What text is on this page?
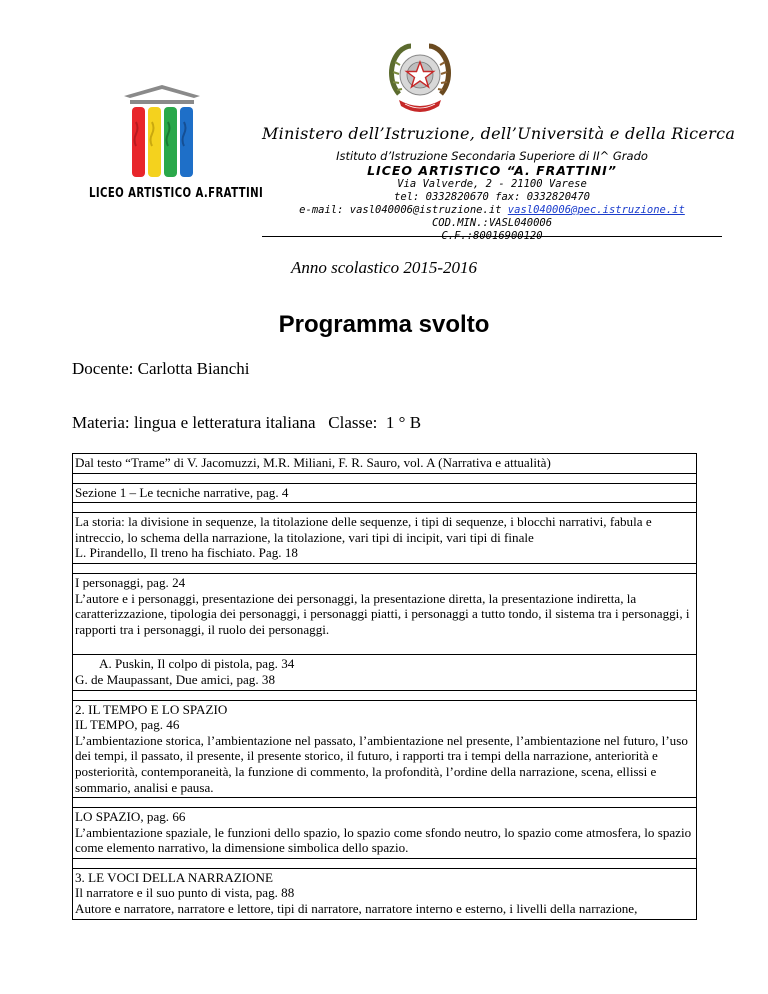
LICEO ARTISTICO A.FRATTINI
Ministero dell’Istruzione, dell’Università e della Ricerca
Istituto d’Istruzione Secondaria Superiore di II^ Grado
LICEO ARTISTICO “A. FRATTINI”
Via Valverde, 2 - 21100 Varese
tel: 0332820670 fax: 0332820470
e-mail: vasl040006@istruzione.it vasl040006@pec.istruzione.it
COD.MIN.:VASL040006
C.F.:80016900120
Anno scolastico 2015-2016
Programma svolto
Docente: Carlotta Bianchi
Materia: lingua e letteratura italiana   Classe:  1 ° B

Dal testo “Trame” di V. Jacomuzzi, M.R. Miliani, F. R. Sauro, vol. A (Narrativa e attualità)

Sezione 1 – Le tecniche narrative, pag. 4

La storia: la divisione in sequenze, la titolazione delle sequenze, i tipi di sequenze, i blocchi narrativi, fabula e intreccio, lo schema della narrazione, la titolazione, vari tipi di incipit, vari tipi di finale

L. Pirandello, Il treno ha fischiato. Pag. 18

I personaggi, pag. 24

L’autore e i personaggi, presentazione dei personaggi, la presentazione diretta, la presentazione indiretta, la caratterizzazione, tipologia dei personaggi, i personaggi piatti, i personaggi a tutto tondo, il sistema tra i personaggi, i rapporti tra i personaggi, il ruolo dei personaggi.

A. Puskin, Il colpo di pistola, pag. 34

G. de Maupassant, Due amici, pag. 38

2. IL TEMPO E LO SPAZIO

IL TEMPO, pag. 46

L’ambientazione storica, l’ambientazione nel passato, l’ambientazione nel presente, l’ambientazione nel futuro, l’uso dei tempi, il passato, il presente, il presente storico, il futuro, i rapporti tra i tempi della narrazione, anteriorità e posteriorità, contemporaneità, la funzione di commento, la profondità, l’ordine della narrazione, scena, ellissi e sommario, analisi e pausa.

LO SPAZIO, pag. 66

L’ambientazione spaziale, le funzioni dello spazio, lo spazio come sfondo neutro, lo spazio come atmosfera, lo spazio come elemento narrativo, la dimensione simbolica dello spazio.

3. LE VOCI DELLA NARRAZIONE

Il narratore e il suo punto di vista, pag. 88

Autore e narratore, narratore e lettore, tipi di narratore, narratore interno e esterno, i livelli della narrazione,
